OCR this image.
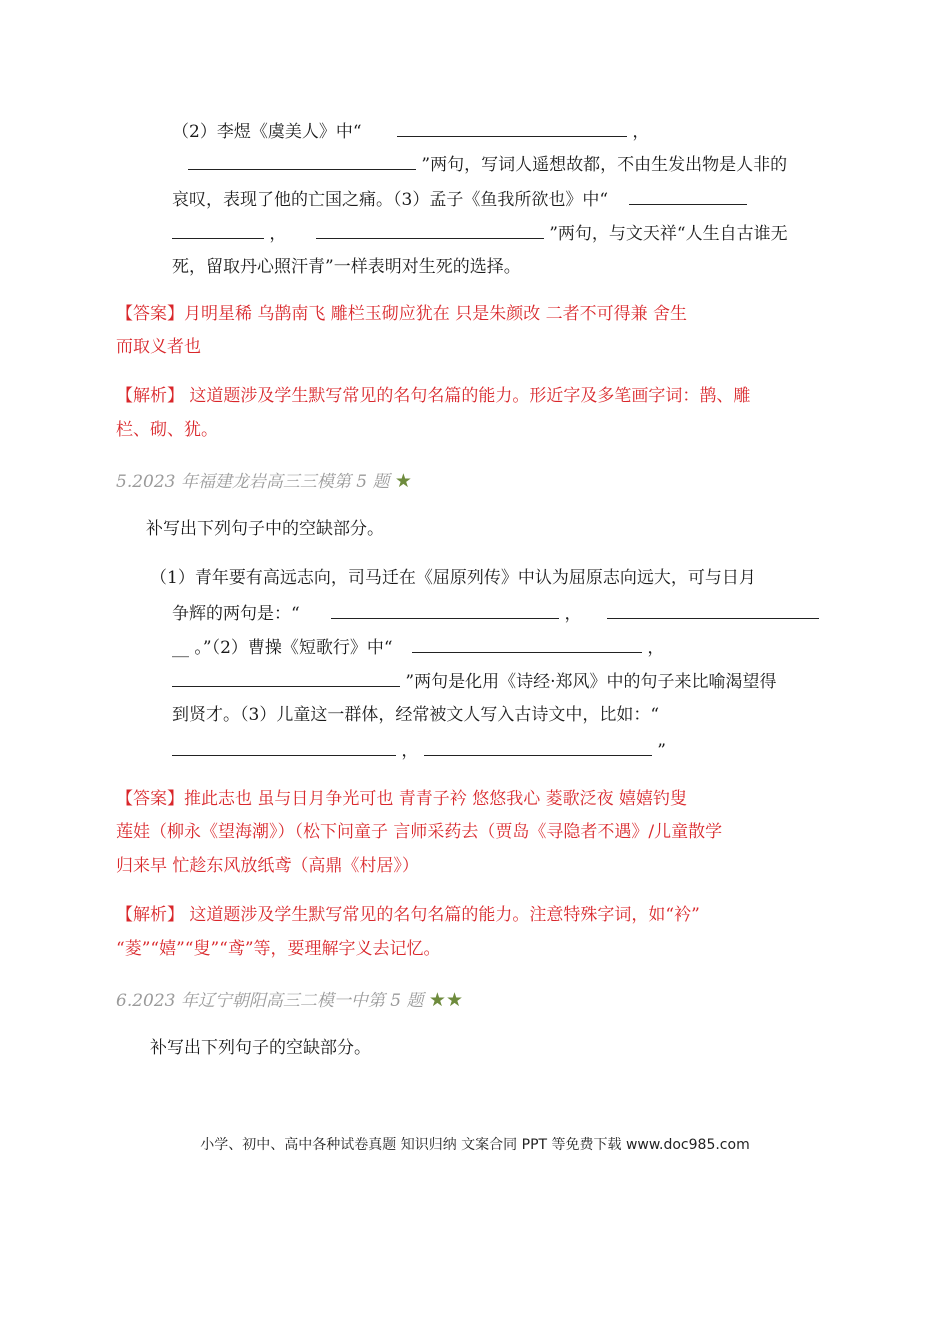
（2）李煜《虞美人》中“	，
”两句，写词人遥想故都，不由生发出物是人非的
哀叹，表现了他的亡国之痛。（3）孟子《鱼我所欲也》中“
，	”两句，与文天祥“人生自古谁无
死，留取丹心照汗青”一样表明对生死的选择。
【答案】月明星稀 乌鹊南飞 雕栏玉砌应犹在 只是朱颜改 二者不可得兼 舍生
而取义者也
【解析】 这道题涉及学生默写常见的名句名篇的能力。形近字及多笔画字词：鹊、雕
栏、砌、犹。
5.2023 年福建龙岩高三三模第 5 题 ★
补写出下列句子中的空缺部分。
（1）青年要有高远志向，司马迁在《屈原列传》中认为屈原志向远大，可与日月
争辉的两句是：“	，
__ 。”（2）曹操《短歌行》中“	，
”两句是化用《诗经·郑风》中的句子来比喻渴望得
到贤才。（3）儿童这一群体，经常被文人写入古诗文中，比如：“
，	”
【答案】推此志也 虽与日月争光可也 青青子衿 悠悠我心 菱歌泛夜 嬉嬉钓叟
莲娃（柳永《望海潮》）（松下问童子 言师采药去（贾岛《寻隐者不遇》/儿童散学
归来早 忙趁东风放纸鸢（高鼎《村居》）
【解析】 这道题涉及学生默写常见的名句名篇的能力。注意特殊字词，如“衿”
“菱”“嬉”“叟”“鸢”等，要理解字义去记忆。
6.2023 年辽宁朝阳高三二模一中第 5 题 ★★
补写出下列句子的空缺部分。
小学、初中、高中各种试卷真题 知识归纳 文案合同 PPT 等免费下载 www.doc985.com
